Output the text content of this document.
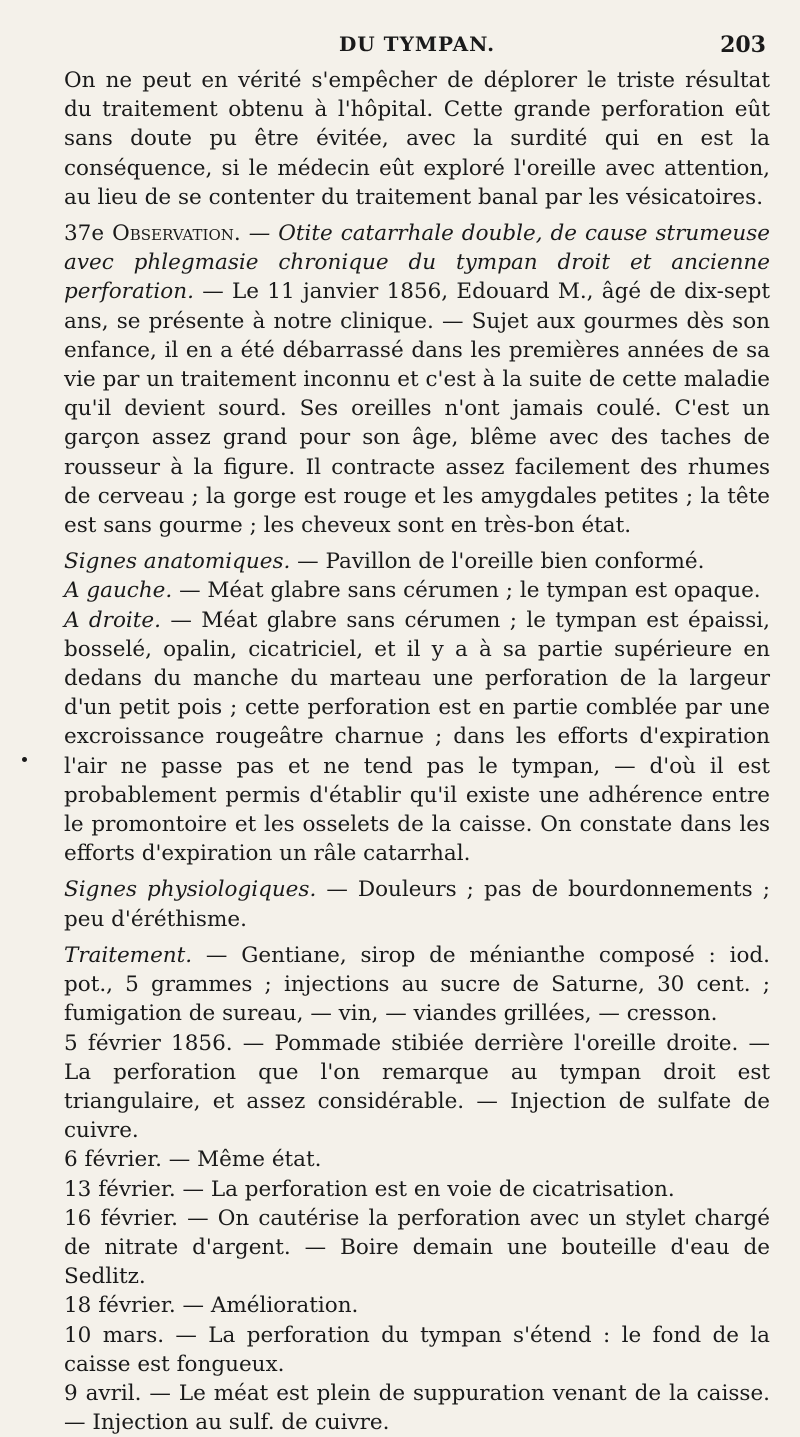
DU TYMPAN.	203

On ne peut en vérité s'empêcher de déplorer le triste résultat du traitement obtenu à l'hôpital. Cette grande perforation eût sans doute pu être évitée, avec la surdité qui en est la conséquence, si le médecin eût exploré l'oreille avec attention, au lieu de se contenter du traitement banal par les vésicatoires.

37e Observation. — Otite catarrhale double, de cause strumeuse avec phlegmasie chronique du tympan droit et ancienne perforation. — Le 11 janvier 1856, Edouard M., âgé de dix-sept ans, se présente à notre clinique. — Sujet aux gourmes dès son enfance, il en a été débarrassé dans les premières années de sa vie par un traitement inconnu et c'est à la suite de cette maladie qu'il devient sourd. Ses oreilles n'ont jamais coulé. C'est un garçon assez grand pour son âge, blême avec des taches de rousseur à la figure. Il contracte assez facilement des rhumes de cerveau ; la gorge est rouge et les amygdales petites ; la tête est sans gourme ; les cheveux sont en très-bon état.

Signes anatomiques. — Pavillon de l'oreille bien conformé.

A gauche. — Méat glabre sans cérumen ; le tympan est opaque.

A droite. — Méat glabre sans cérumen ; le tympan est épaissi, bosselé, opalin, cicatriciel, et il y a à sa partie supérieure en dedans du manche du marteau une perforation de la largeur d'un petit pois ; cette perforation est en partie comblée par une excroissance rougeâtre charnue ; dans les efforts d'expiration l'air ne passe pas et ne tend pas le tympan, — d'où il est probablement permis d'établir qu'il existe une adhérence entre le promontoire et les osselets de la caisse. On constate dans les efforts d'expiration un râle catarrhal.

Signes physiologiques. — Douleurs ; pas de bourdonnements ; peu d'éréthisme.

Traitement. — Gentiane, sirop de ménianthe composé : iod. pot., 5 grammes ; injections au sucre de Saturne, 30 cent. ; fumigation de sureau, — vin, — viandes grillées, — cresson.

5 février 1856. — Pommade stibiée derrière l'oreille droite. — La perforation que l'on remarque au tympan droit est triangulaire, et assez considérable. — Injection de sulfate de cuivre.

6 février. — Même état.

13 février. — La perforation est en voie de cicatrisation.

16 février. — On cautérise la perforation avec un stylet chargé de nitrate d'argent. — Boire demain une bouteille d'eau de Sedlitz.

18 février. — Amélioration.

10 mars. — La perforation du tympan s'étend : le fond de la caisse est fongueux.

9 avril. — Le méat est plein de suppuration venant de la caisse. — Injection au sulf. de cuivre.
